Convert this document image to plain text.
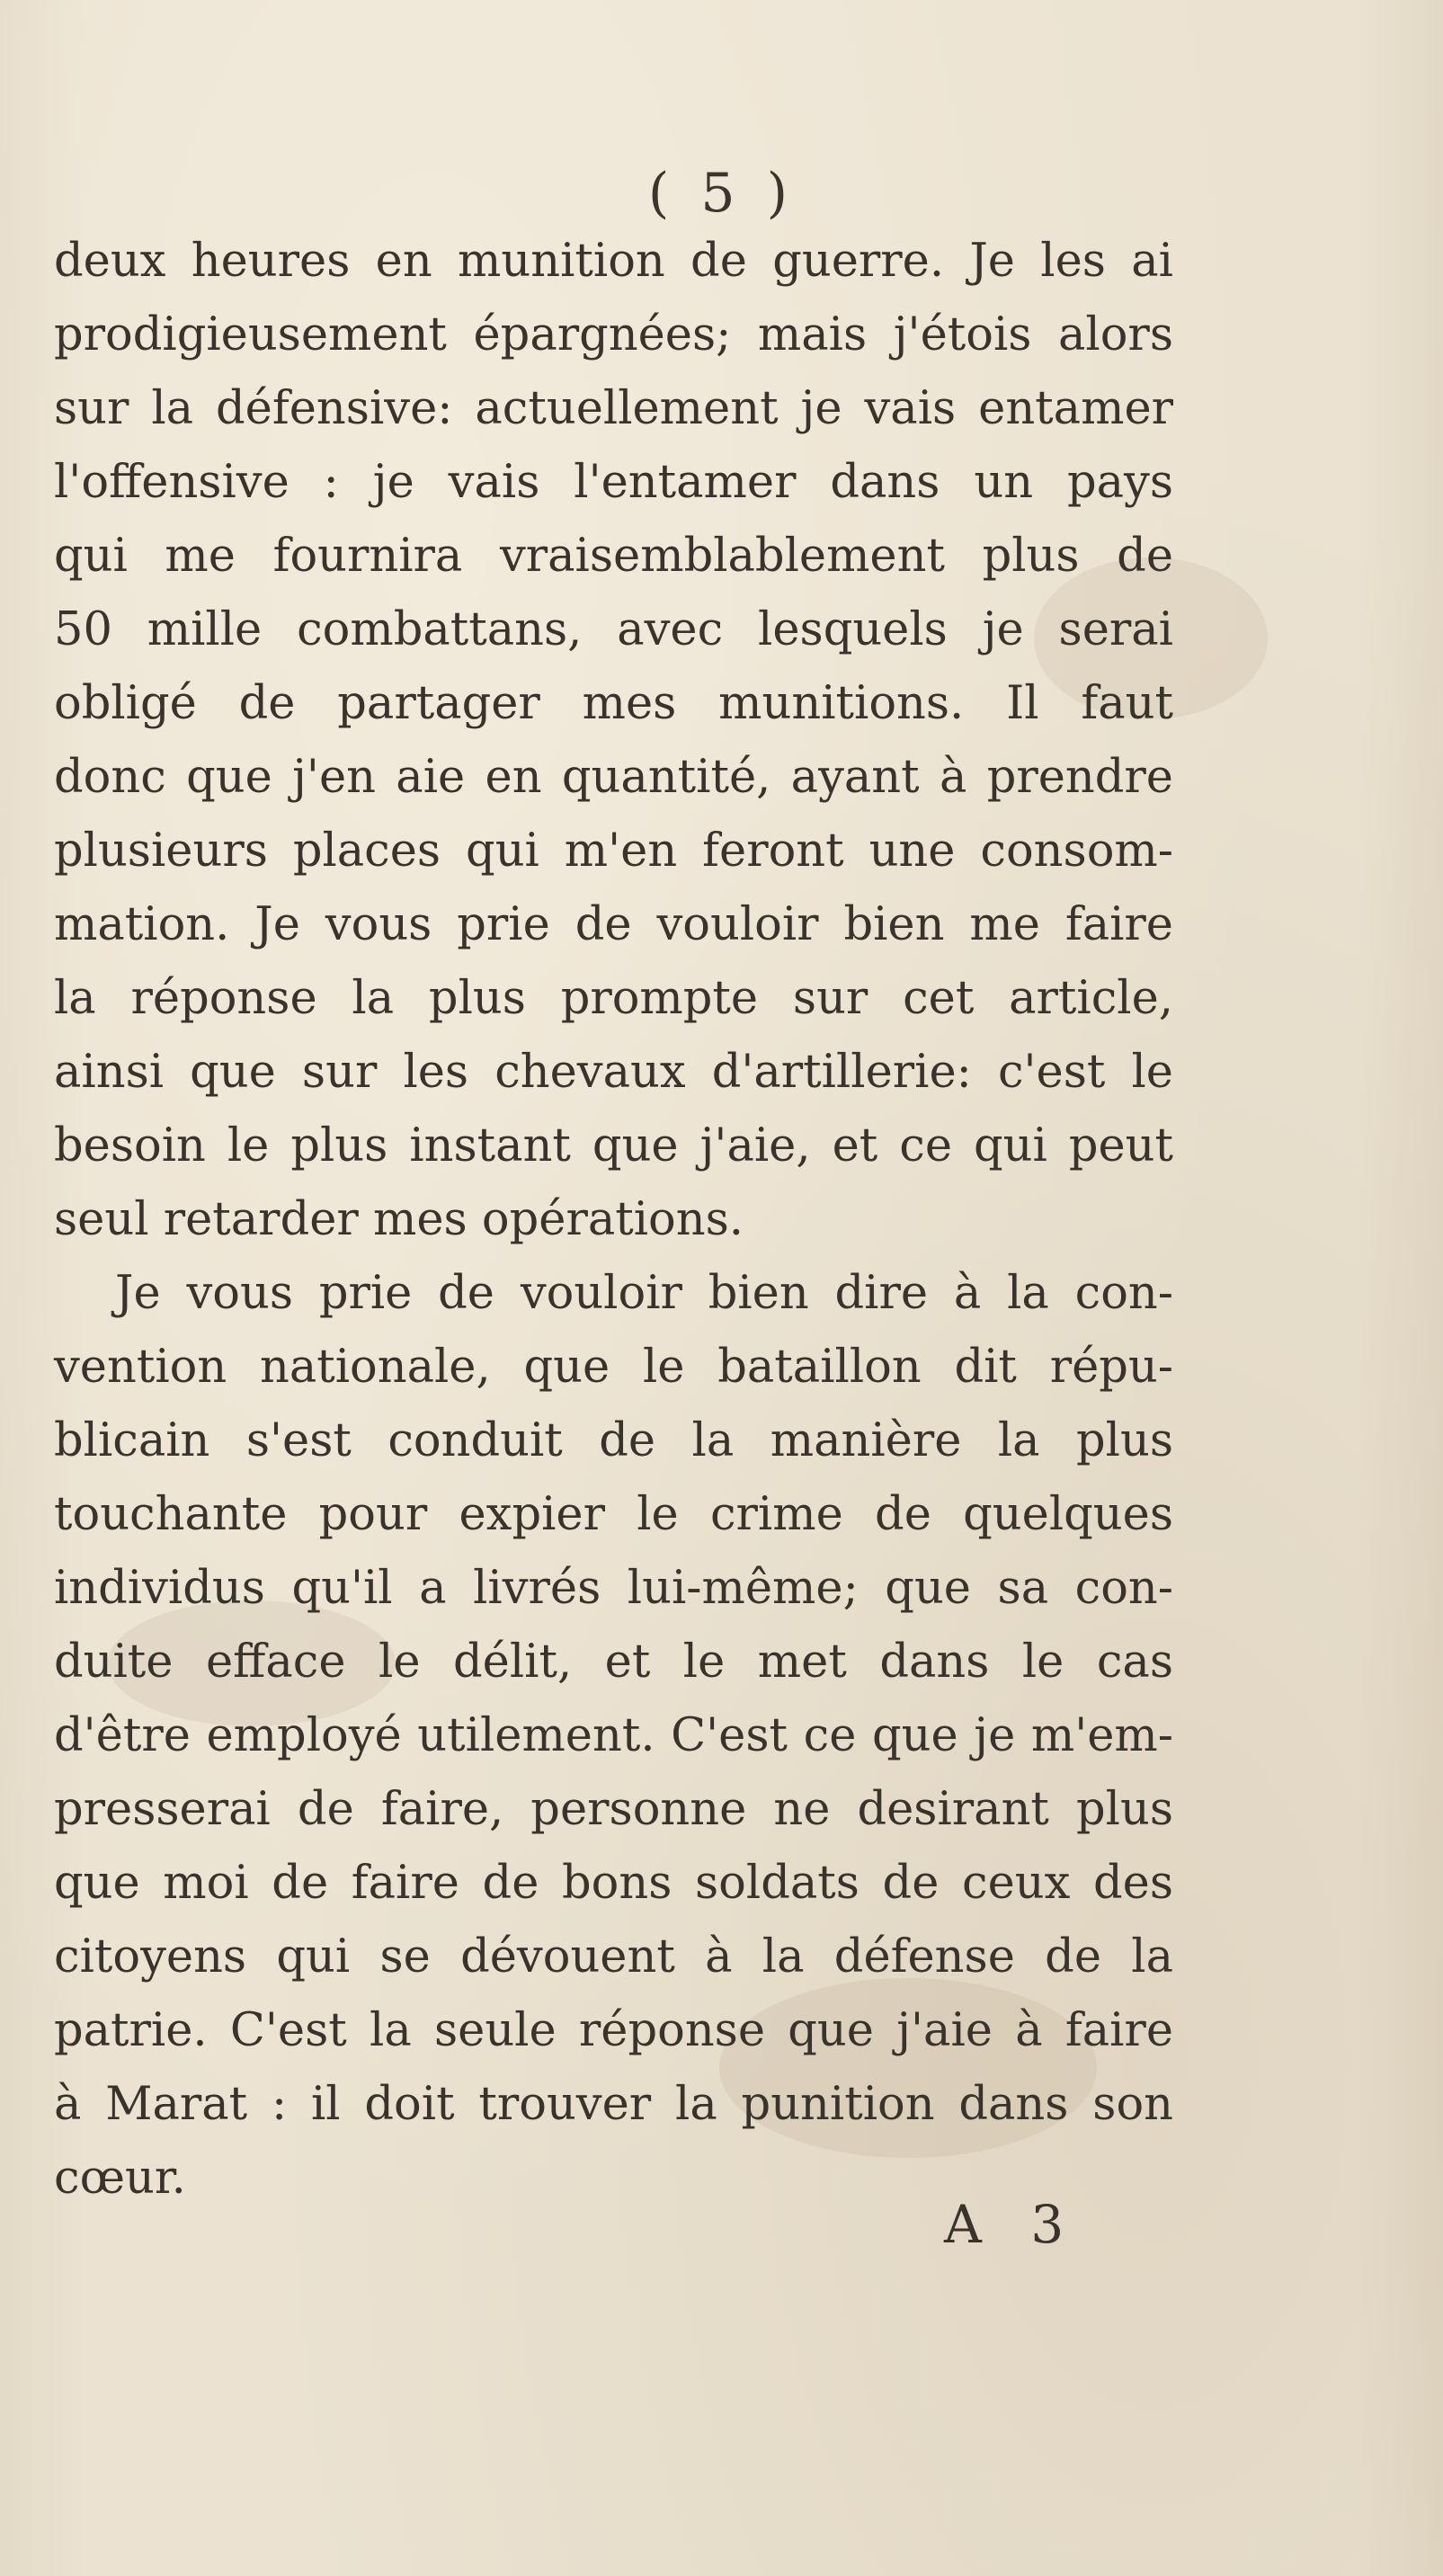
( 5 )
deux heures en munition de guerre. Je les ai
prodigieusement épargnées; mais j'étois alors
sur la défensive: actuellement je vais entamer
l'offensive : je vais l'entamer dans un pays
qui me fournira vraisemblablement plus de
50 mille combattans, avec lesquels je serai
obligé de partager mes munitions. Il faut
donc que j'en aie en quantité, ayant à prendre
plusieurs places qui m'en feront une consom-
mation. Je vous prie de vouloir bien me faire
la réponse la plus prompte sur cet article,
ainsi que sur les chevaux d'artillerie: c'est le
besoin le plus instant que j'aie, et ce qui peut
seul retarder mes opérations.
Je vous prie de vouloir bien dire à la con-
vention nationale, que le bataillon dit répu-
blicain s'est conduit de la manière la plus
touchante pour expier le crime de quelques
individus qu'il a livrés lui-même; que sa con-
duite efface le délit, et le met dans le cas
d'être employé utilement. C'est ce que je m'em-
presserai de faire, personne ne desirant plus
que moi de faire de bons soldats de ceux des
citoyens qui se dévouent à la défense de la
patrie. C'est la seule réponse que j'aie à faire
à Marat : il doit trouver la punition dans son
cœur.
A 3
